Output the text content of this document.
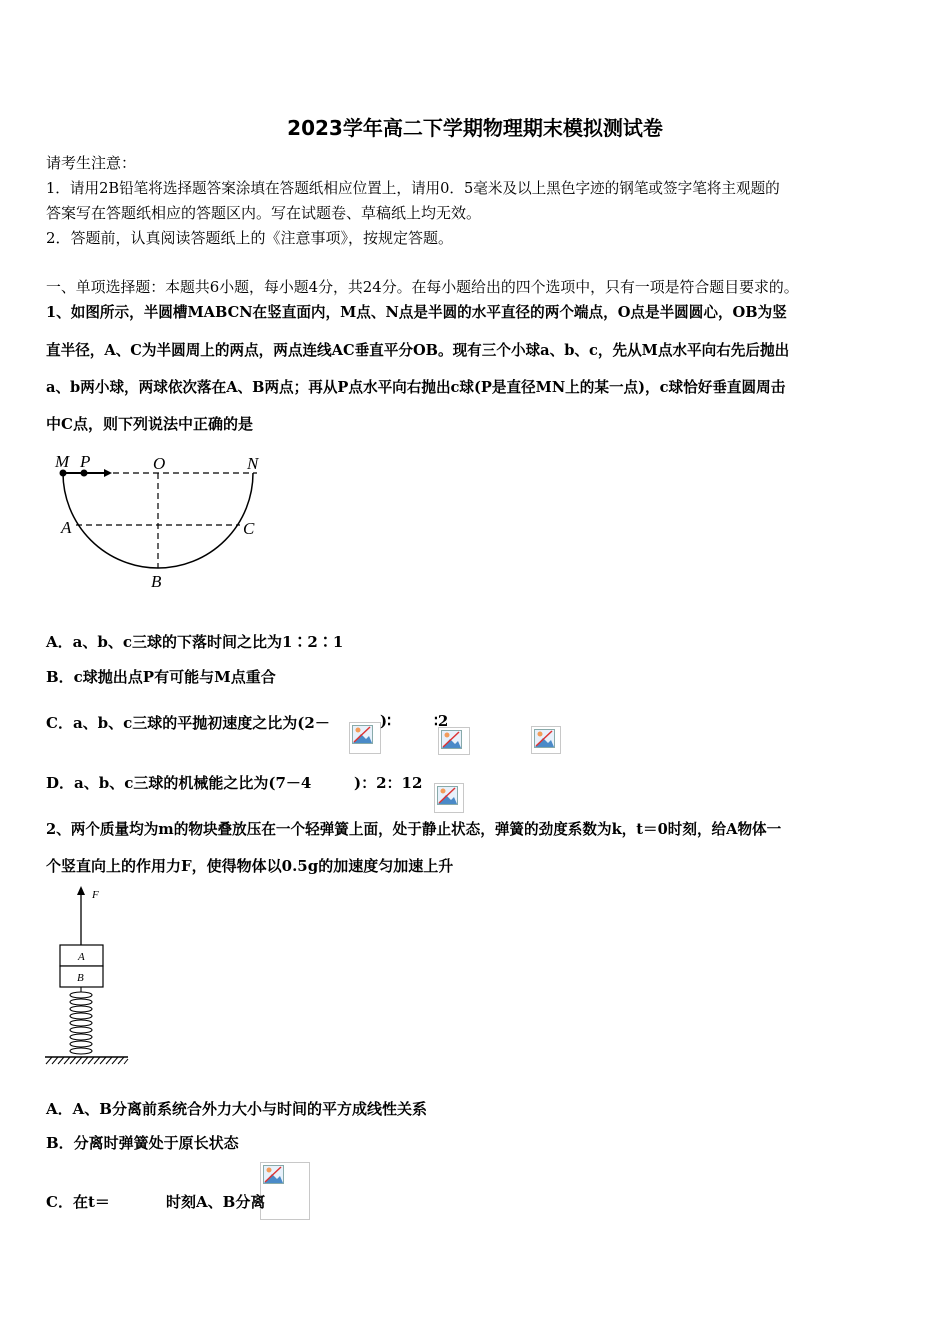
2023学年高二下学期物理期末模拟测试卷
请考生注意：
1．请用2B铅笔将选择题答案涂填在答题纸相应位置上，请用0．5毫米及以上黑色字迹的钢笔或签字笔将主观题的
答案写在答题纸相应的答题区内。写在试题卷、草稿纸上均无效。
2．答题前，认真阅读答题纸上的《注意事项》，按规定答题。
一、单项选择题：本题共6小题，每小题4分，共24分。在每小题给出的四个选项中，只有一项是符合题目要求的。
1、如图所示，半圆槽MABCN在竖直面内，M点、N点是半圆的水平直径的两个端点，O点是半圆圆心，OB为竖
直半径，A、C为半圆周上的两点，两点连线AC垂直平分OB。现有三个小球a、b、c，先从M点水平向右先后抛出
a、b两小球，两球依次落在A、B两点；再从P点水平向右抛出c球(P是直径MN上的某一点)，c球恰好垂直圆周击
中C点，则下列说法中正确的是
M P	O	N
A	C
B
A．a、b、c三球的下落时间之比为1∶2∶1
B．c球抛出点P有可能与M点重合
C．a、b、c三球的平抛初速度之比为(2－
	)∶
	∶2

D．a、b、c三球的机械能之比为(7－4
	)：2：12
2、两个质量均为m的物块叠放压在一个轻弹簧上面，处于静止状态，弹簧的劲度系数为k，t＝0时刻，给A物体一
个竖直向上的作用力F，使得物体以0.5g的加速度匀加速上升
F
A
B
A．A、B分离前系统合外力大小与时间的平方成线性关系
B．分离时弹簧处于原长状态
C．在t＝	时刻A、B分离
